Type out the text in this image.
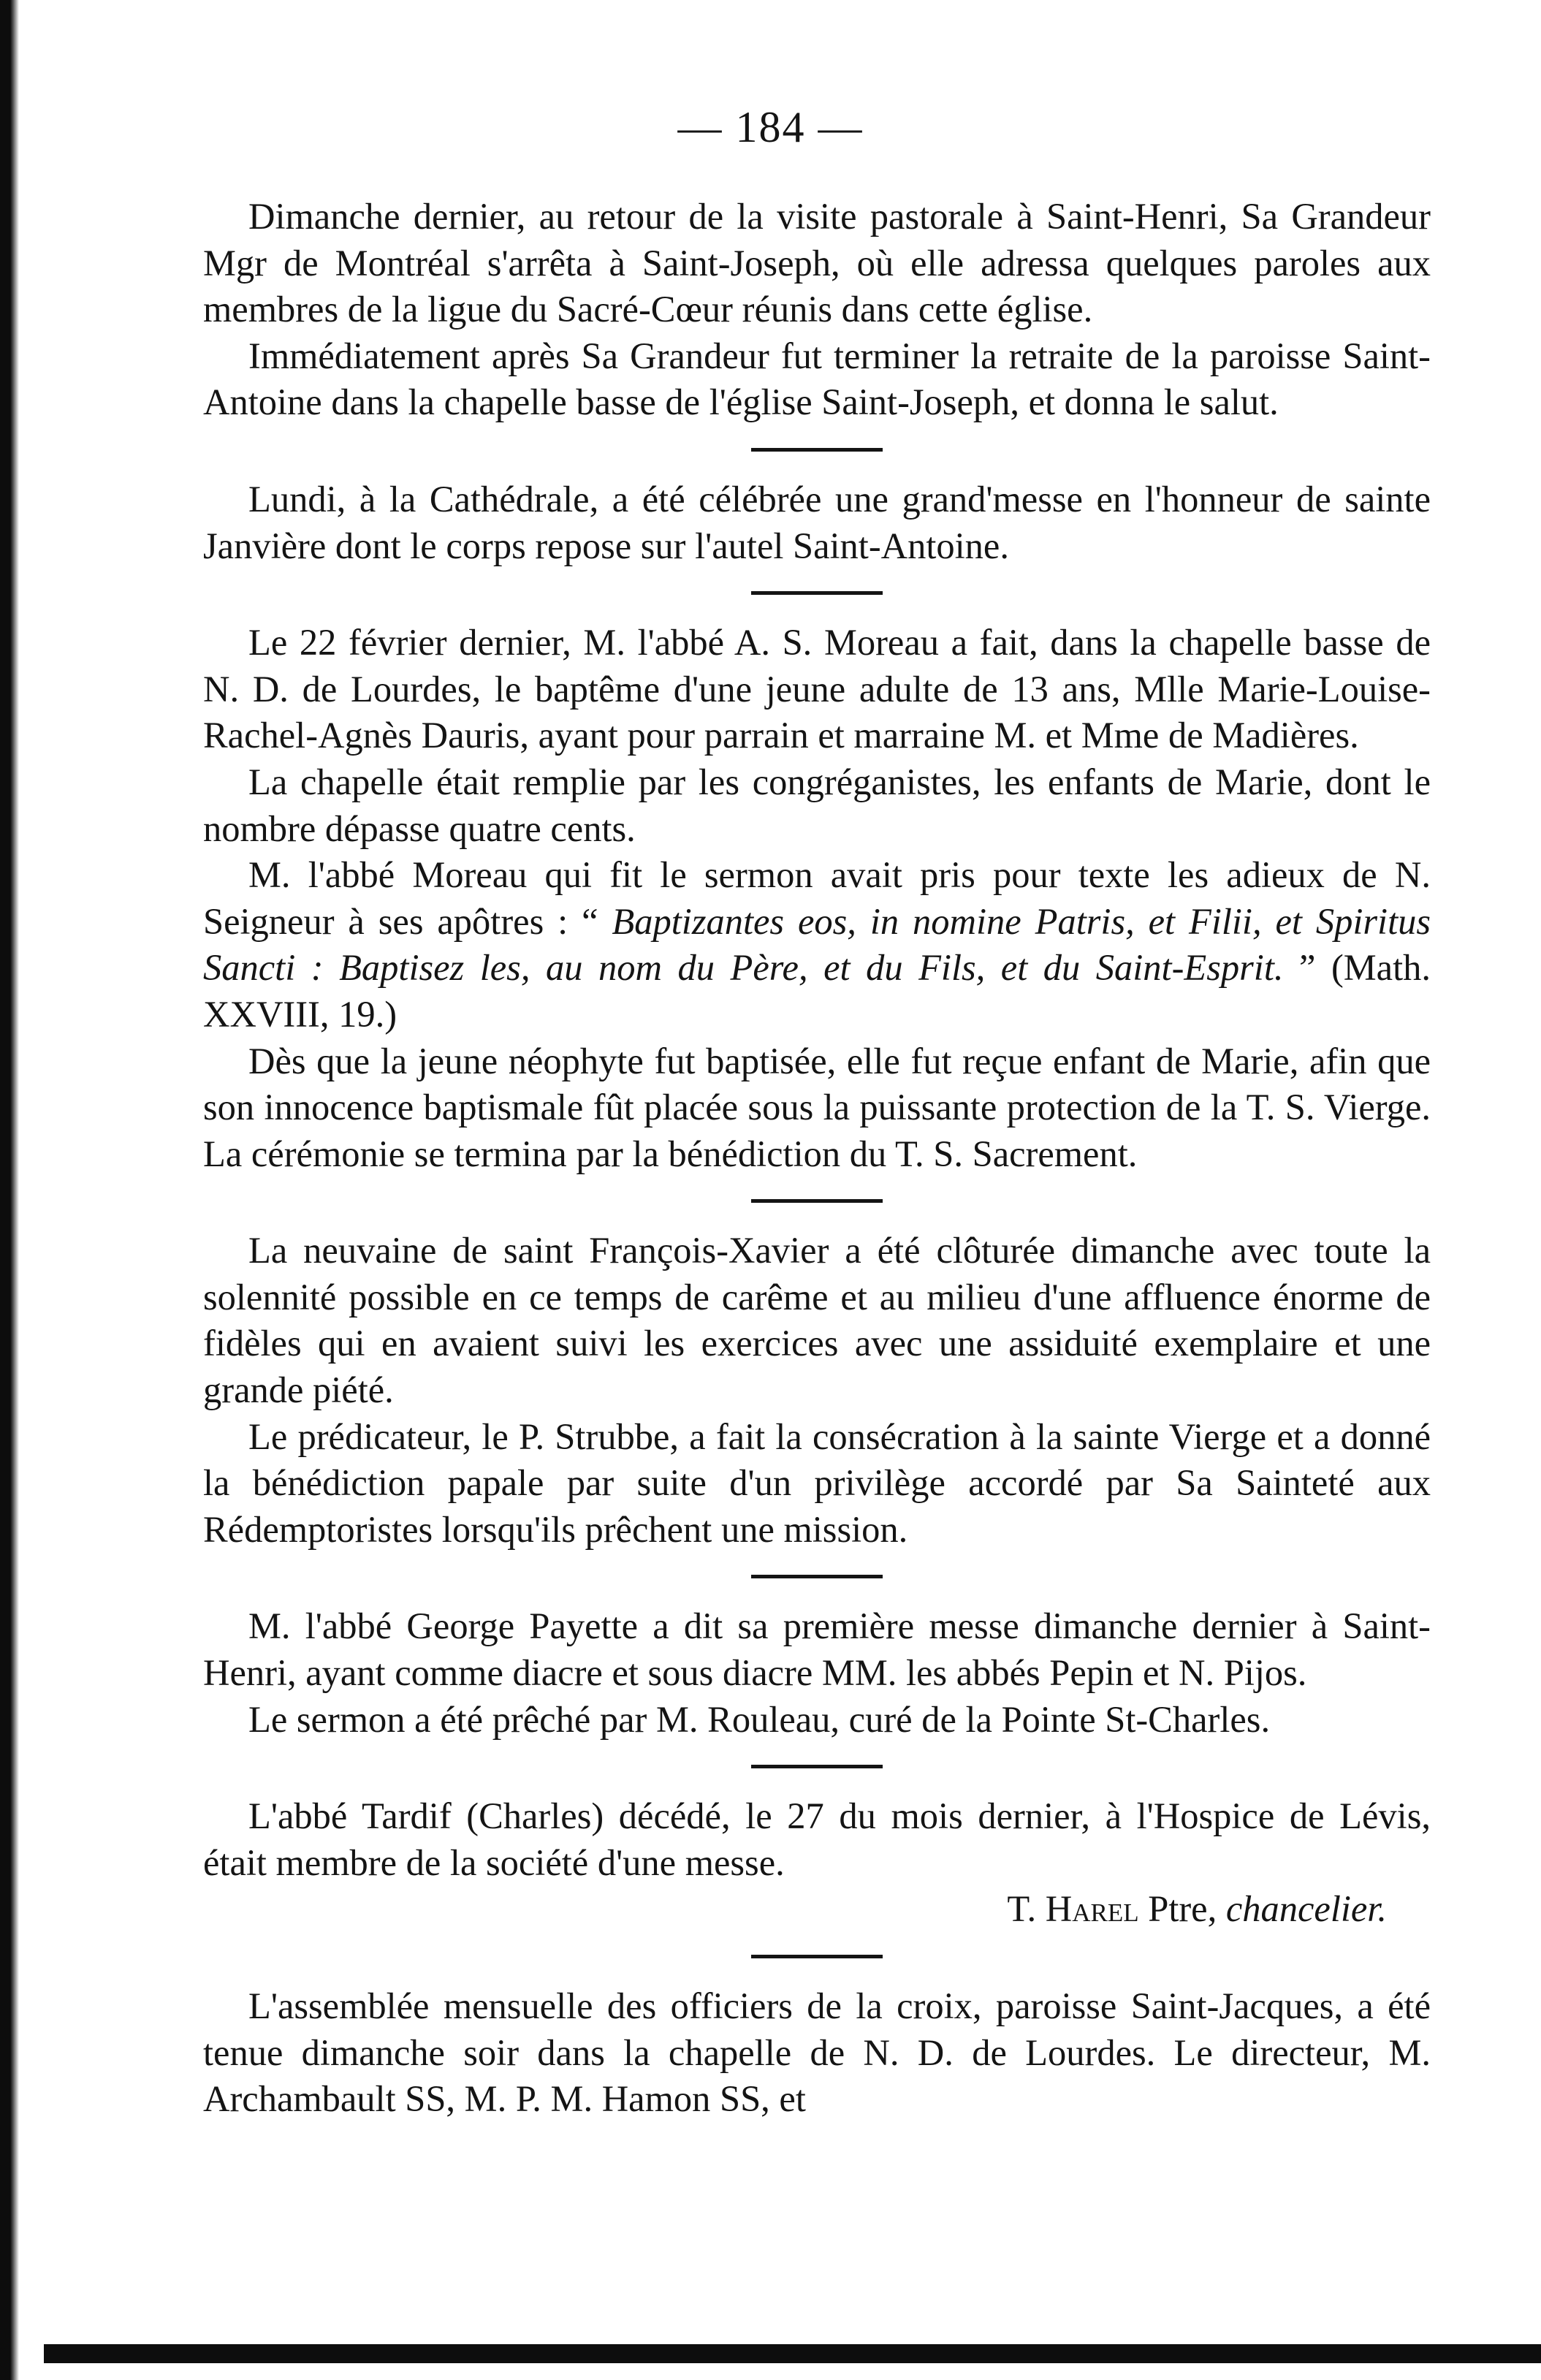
— 184 —

Dimanche dernier, au retour de la visite pastorale à Saint-Henri, Sa Grandeur Mgr de Montréal s'arrêta à Saint-Joseph, où elle adressa quelques paroles aux membres de la ligue du Sacré-Cœur réunis dans cette église.

Immédiatement après Sa Grandeur fut terminer la retraite de la paroisse Saint-Antoine dans la chapelle basse de l'église Saint-Joseph, et donna le salut.

Lundi, à la Cathédrale, a été célébrée une grand'messe en l'honneur de sainte Janvière dont le corps repose sur l'autel Saint-Antoine.

Le 22 février dernier, M. l'abbé A. S. Moreau a fait, dans la chapelle basse de N. D. de Lourdes, le baptême d'une jeune adulte de 13 ans, Mlle Marie-Louise-Rachel-Agnès Dauris, ayant pour parrain et marraine M. et Mme de Madières.

La chapelle était remplie par les congréganistes, les enfants de Marie, dont le nombre dépasse quatre cents.

M. l'abbé Moreau qui fit le sermon avait pris pour texte les adieux de N. Seigneur à ses apôtres : “ Baptizantes eos, in nomine Patris, et Filii, et Spiritus Sancti : Baptisez les, au nom du Père, et du Fils, et du Saint-Esprit. ” (Math. XXVIII, 19.)

Dès que la jeune néophyte fut baptisée, elle fut reçue enfant de Marie, afin que son innocence baptismale fût placée sous la puissante protection de la T. S. Vierge. La cérémonie se termina par la bénédiction du T. S. Sacrement.

La neuvaine de saint François-Xavier a été clôturée dimanche avec toute la solennité possible en ce temps de carême et au milieu d'une affluence énorme de fidèles qui en avaient suivi les exercices avec une assiduité exemplaire et une grande piété.

Le prédicateur, le P. Strubbe, a fait la consécration à la sainte Vierge et a donné la bénédiction papale par suite d'un privilège accordé par Sa Sainteté aux Rédemptoristes lorsqu'ils prêchent une mission.

M. l'abbé George Payette a dit sa première messe dimanche dernier à Saint-Henri, ayant comme diacre et sous diacre MM. les abbés Pepin et N. Pijos.

Le sermon a été prêché par M. Rouleau, curé de la Pointe St-Charles.

L'abbé Tardif (Charles) décédé, le 27 du mois dernier, à l'Hospice de Lévis, était membre de la société d'une messe.

T. Harel Ptre, chancelier.

L'assemblée mensuelle des officiers de la croix, paroisse Saint-Jacques, a été tenue dimanche soir dans la chapelle de N. D. de Lourdes. Le directeur, M. Archambault SS, M. P. M. Hamon SS, et
